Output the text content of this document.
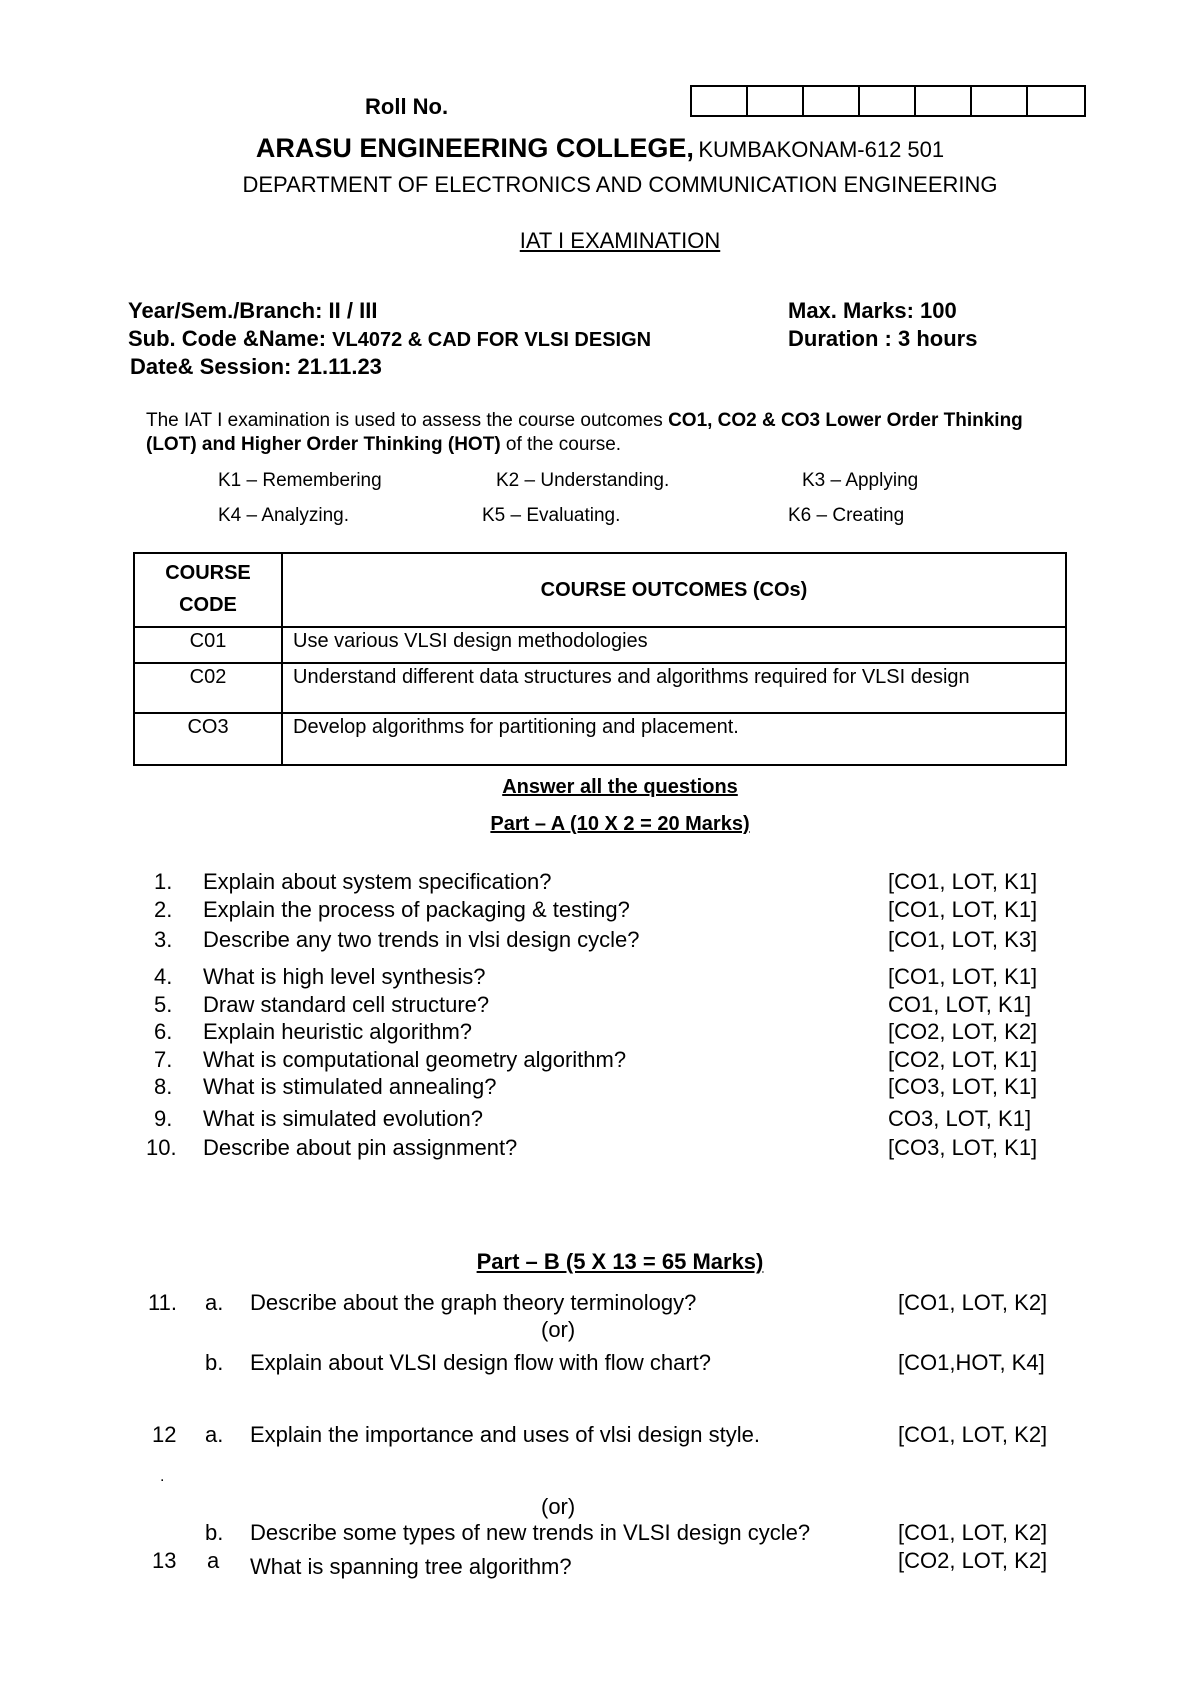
Roll No.
ARASU ENGINEERING COLLEGE, KUMBAKONAM-612 501
DEPARTMENT OF ELECTRONICS AND COMMUNICATION ENGINEERING
IAT I EXAMINATION
Year/Sem./Branch: II / III	Max. Marks: 100
Sub. Code &Name: VL4072 & CAD FOR VLSI DESIGN	Duration : 3 hours
Date& Session: 21.11.23
The IAT I examination is used to assess the course outcomes CO1, CO2 & CO3 Lower Order Thinking
(LOT) and Higher Order Thinking (HOT) of the course.
K1 – Remembering	K2 – Understanding.	K3 – Applying
K4 – Analyzing.	K5 – Evaluating.	K6 – Creating
COURSE
CODE	COURSE OUTCOMES (COs)
C01	Use various VLSI design methodologies
C02	Understand different data structures and algorithms required for VLSI design
CO3	Develop algorithms for partitioning and placement.
Answer all the questions
Part – A (10 X 2 = 20 Marks)
1. Explain about system specification?	[CO1, LOT, K1]
2. Explain the process of packaging & testing?	[CO1, LOT, K1]
3. Describe any two trends in vlsi design cycle?	[CO1, LOT, K3]
4. What is high level synthesis?	[CO1, LOT, K1]
5. Draw standard cell structure?	CO1, LOT, K1]
6. Explain heuristic algorithm?	[CO2, LOT, K2]
7. What is computational geometry algorithm?	[CO2, LOT, K1]
8. What is stimulated annealing?	[CO3, LOT, K1]
9. What is simulated evolution?	CO3, LOT, K1]
10. Describe about pin assignment?	[CO3, LOT, K1]
Part – B (5 X 13 = 65 Marks)
11. a. Describe about the graph theory terminology?	[CO1, LOT, K2]
(or)
b. Explain about VLSI design flow with flow chart?	[CO1,HOT, K4]
12 a. Explain the importance and uses of vlsi design style.	[CO1, LOT, K2]
.
(or)
b. Describe some types of new trends in VLSI design cycle?	[CO1, LOT, K2]
13 a What is spanning tree algorithm?	[CO2, LOT, K2]
